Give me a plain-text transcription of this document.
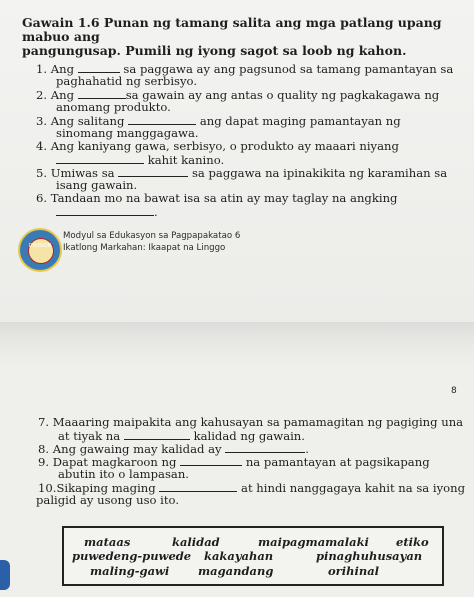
Gawain 1.6 Punan ng tamang salita ang mga patlang upang mabuo ang
pangungusap. Pumili ng iyong sagot sa loob ng kahon.
1. Ang	sa paggawa ay ang pagsunod sa tamang pamantayan sa
paghahatid ng serbisyo.
2. Ang	sa gawain ay ang antas o quality ng pagkakagawa ng
anomang produkto.
3. Ang salitang	ang dapat maging pamantayan ng
sinomang manggagawa.
4. Ang kaniyang gawa, serbisyo, o produkto ay maaari niyang
kahit kanino.
5. Umiwas sa	sa paggawa na ipinakikita ng karamihan sa
isang gawain.
6. Tandaan mo na bawat isa sa atin ay may taglay na angking
.
DIVISION
Modyul sa Edukasyon sa Pagpapakatao 6
Ikatlong Markahan: Ikaapat na Linggo
8
7. Maaaring maipakita ang kahusayan sa pamamagitan ng pagiging una
at tiyak na	kalidad ng gawain.
8. Ang gawaing may kalidad ay	.
9. Dapat magkaroon ng	na pamantayan at pagsikapang
abutin ito o lampasan.
10.Sikaping maging	at hindi nanggagaya kahit na sa iyong
paligid ay usong uso ito.
mataas	kalidad	maipagmamalaki etiko
puwedeng-puwede kakayahan	pinaghuhusayan
maling-gawi magandang	orihinal
